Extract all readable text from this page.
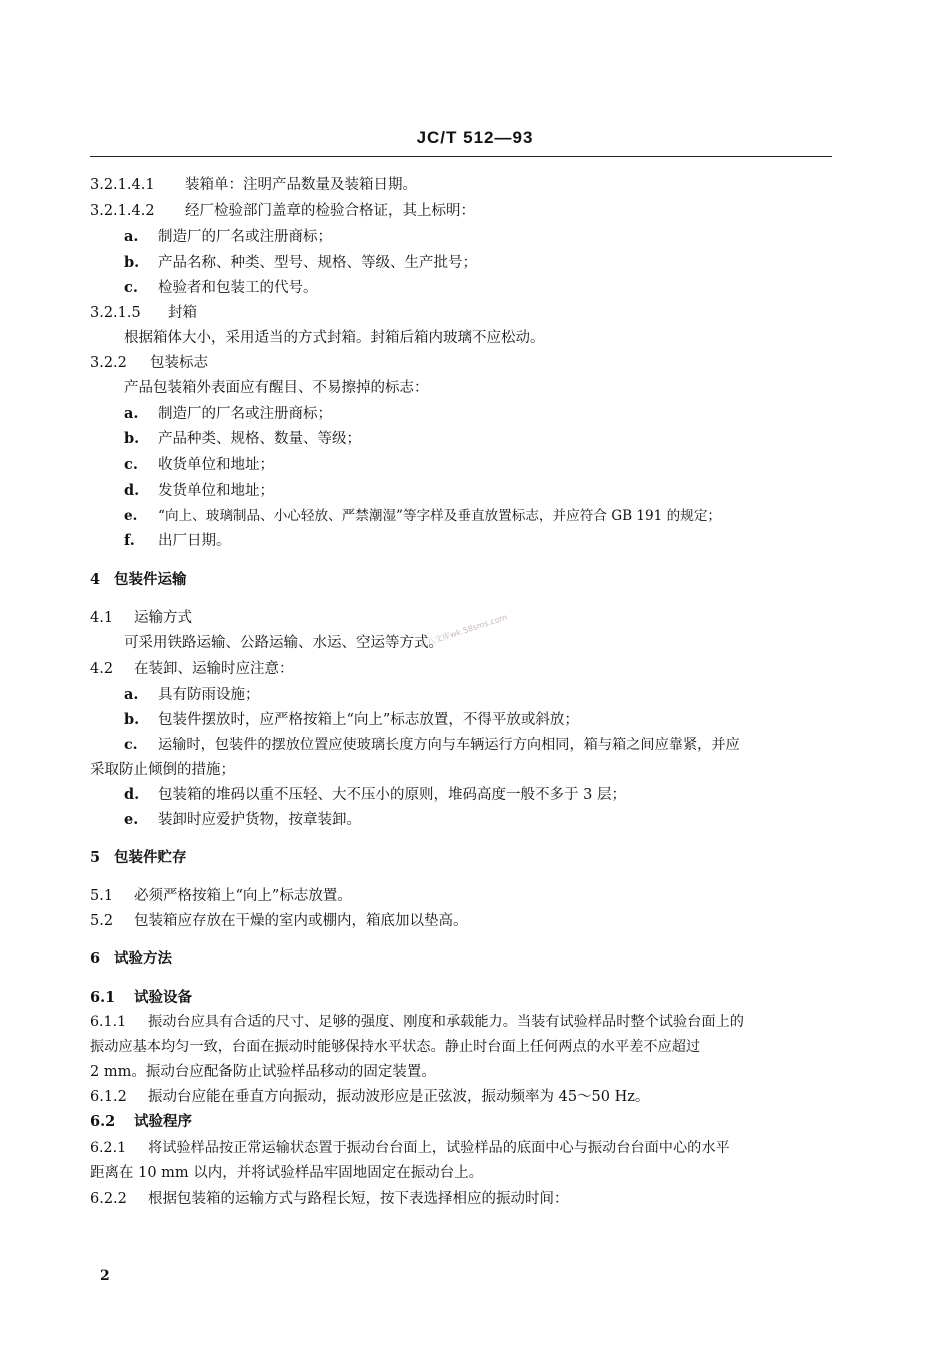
JC/T 512—93
3.2.1.4.1 装箱单：注明产品数量及装箱日期。
3.2.1.4.2 经厂检验部门盖章的检验合格证，其上标明：
a. 制造厂的厂名或注册商标；
b. 产品名称、种类、型号、规格、等级、生产批号；
c. 检验者和包装工的代号。
3.2.1.5 封箱
根据箱体大小，采用适当的方式封箱。封箱后箱内玻璃不应松动。
3.2.2 包装标志
产品包装箱外表面应有醒目、不易擦掉的标志：
a. 制造厂的厂名或注册商标；
b. 产品种类、规格、数量、等级；
c. 收货单位和地址；
d. 发货单位和地址；
e. “向上、玻璃制品、小心轻放、严禁潮湿”等字样及垂直放置标志，并应符合 GB 191 的规定；
f. 出厂日期。
4 包装件运输
4.1 运输方式
可采用铁路运输、公路运输、水运、空运等方式。
4.2 在装卸、运输时应注意：
a. 具有防雨设施；
b. 包装件摆放时，应严格按箱上“向上”标志放置，不得平放或斜放；
c. 运输时，包装件的摆放位置应使玻璃长度方向与车辆运行方向相同，箱与箱之间应靠紧，并应
采取防止倾倒的措施；
d. 包装箱的堆码以重不压轻、大不压小的原则，堆码高度一般不多于 3 层；
e. 装卸时应爱护货物，按章装卸。
5 包装件贮存
5.1 必须严格按箱上“向上”标志放置。
5.2 包装箱应存放在干燥的室内或棚内，箱底加以垫高。
6 试验方法
6.1 试验设备
6.1.1 振动台应具有合适的尺寸、足够的强度、刚度和承载能力。当装有试验样品时整个试验台面上的
振动应基本均匀一致，台面在振动时能够保持水平状态。静止时台面上任何两点的水平差不应超过
2 mm。振动台应配备防止试验样品移动的固定装置。
6.1.2 振动台应能在垂直方向振动，振动波形应是正弦波，振动频率为 45～50 Hz。
6.2 试验程序
6.2.1 将试验样品按正常运输状态置于振动台台面上，试验样品的底面中心与振动台台面中心的水平
距离在 10 mm 以内，并将试验样品牢固地固定在振动台上。
6.2.2 根据包装箱的运输方式与路程长短，按下表选择相应的振动时间：
五八文库wk.58sms.com
2
